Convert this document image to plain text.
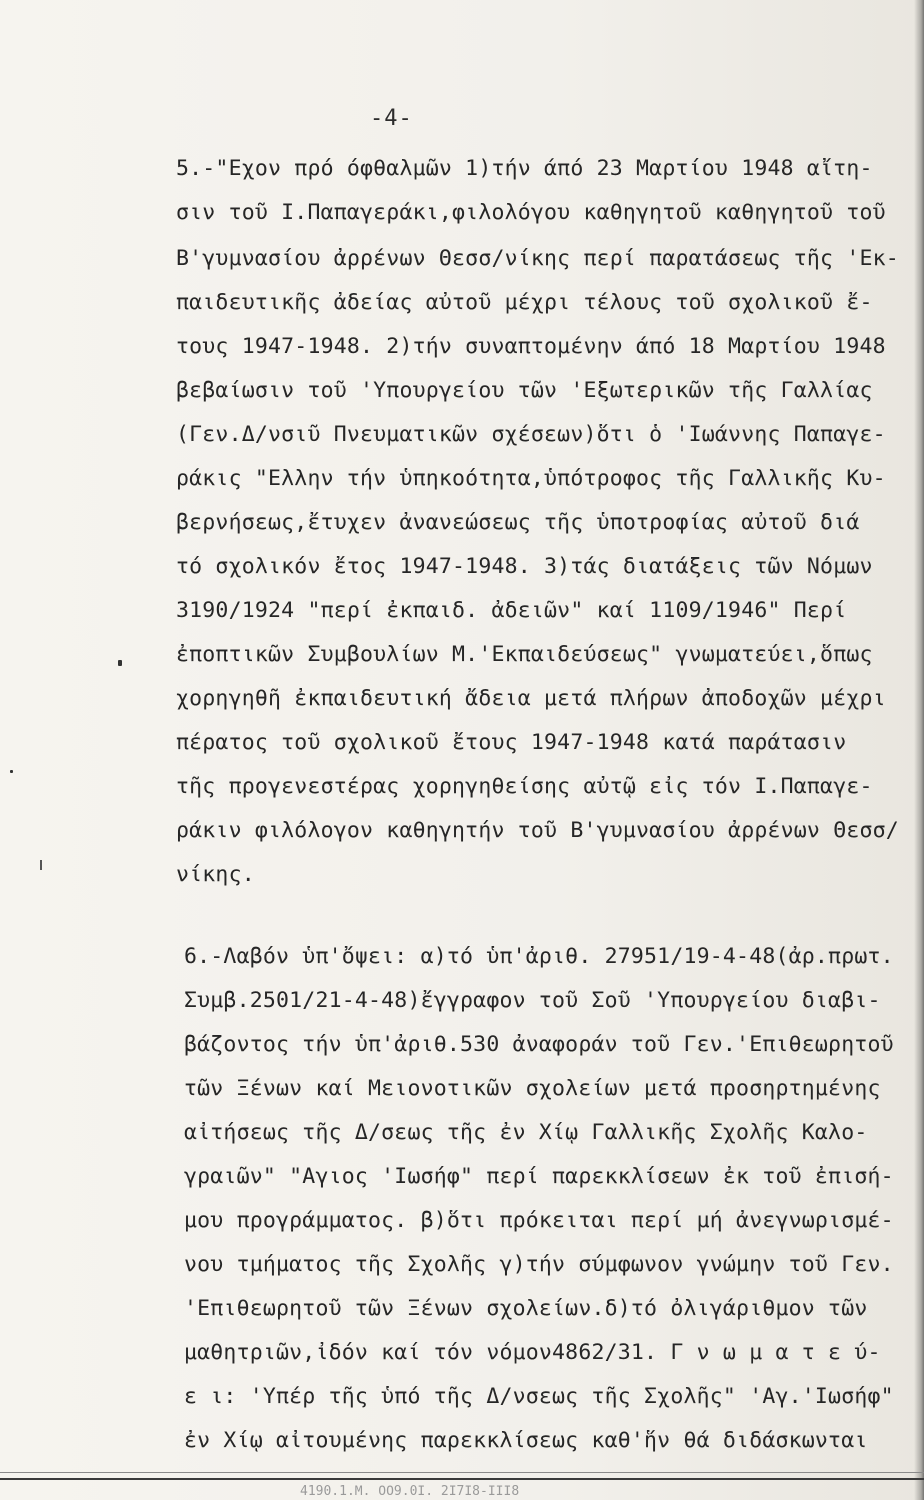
-4-
5.-"Εχον πρό όφθαλμῶν 1)τήν άπό 23 Μαρτίου 1948 αἴτη-
σιν τοῦ Ι.Παπαγεράκι,φιλολόγου καθηγητοῦ καθηγητοῦ τοῦ
Β'γυμνασίου ἀρρένων Θεσσ/νίκης περί παρατάσεως τῆς 'Εκ-
παιδευτικῆς ἀδείας αὐτοῦ μέχρι τέλους τοῦ σχολικοῦ ἔ-
τους 1947-1948. 2)τήν συναπτομένην άπό 18 Μαρτίου 1948
βεβαίωσιν τοῦ 'Υπουργείου τῶν 'Εξωτερικῶν τῆς Γαλλίας
(Γεν.Δ/νσιῦ Πνευματικῶν σχέσεων)ὅτι ὁ 'Ιωάννης Παπαγε-
ράκις "Ελλην τήν ὑπηκοότητα,ὑπότροφος τῆς Γαλλικῆς Κυ-
βερνήσεως,ἔτυχεν ἀνανεώσεως τῆς ὑποτροφίας αὐτοῦ διά
τό σχολικόν ἔτος 1947-1948. 3)τάς διατάξεις τῶν Νόμων
3190/1924 "περί ἐκπαιδ. ἀδειῶν" καί 1109/1946" Περί
ἐποπτικῶν Συμβουλίων Μ.'Εκπαιδεύσεως" γνωματεύει,ὅπως
χορηγηθῆ ἐκπαιδευτική ἄδεια μετά πλήρων ἀποδοχῶν μέχρι
πέρατος τοῦ σχολικοῦ ἔτους 1947-1948 κατά παράτασιν
τῆς προγενεστέρας χορηγηθείσης αὐτῷ εἰς τόν Ι.Παπαγε-
ράκιν φιλόλογον καθηγητήν τοῦ Β'γυμνασίου ἀρρένων Θεσσ/
νίκης.
6.-Λαβόν ὑπ'ὄψει: α)τό ὑπ'ἀριθ. 27951/19-4-48(ἀρ.πρωτ.
Συμβ.2501/21-4-48)ἔγγραφον τοῦ Σοῦ 'Υπουργείου διαβι-
βάζοντος τήν ὑπ'ἀριθ.530 ἀναφοράν τοῦ Γεν.'Επιθεωρητοῦ
τῶν Ξένων καί Μειονοτικῶν σχολείων μετά προσηρτημένης
αἰτήσεως τῆς Δ/σεως τῆς ἐν Χίῳ Γαλλικῆς Σχολῆς Καλο-
γραιῶν" "Αγιος 'Ιωσήφ" περί παρεκκλίσεων ἐκ τοῦ ἐπισή-
μου προγράμματος. β)ὅτι πρόκειται περί μή ἀνεγνωρισμέ-
νου τμήματος τῆς Σχολῆς γ)τήν σύμφωνον γνώμην τοῦ Γεν.
'Επιθεωρητοῦ τῶν Ξένων σχολείων.δ)τό ὀλιγάριθμον τῶν
μαθητριῶν,ἰδόν καί τόν νόμον4862/31. Γ ν ω μ α τ ε ύ-
ε ι: 'Υπέρ τῆς ὑπό τῆς Δ/νσεως τῆς Σχολῆς" 'Αγ.'Ιωσήφ"
ἐν Χίῳ αἰτουμένης παρεκκλίσεως καθ'ἥν θά διδάσκωνται
4190.1.Μ. ΟΟ9.0Ι. 2Ι7Ι8-ΙΙΙ8
